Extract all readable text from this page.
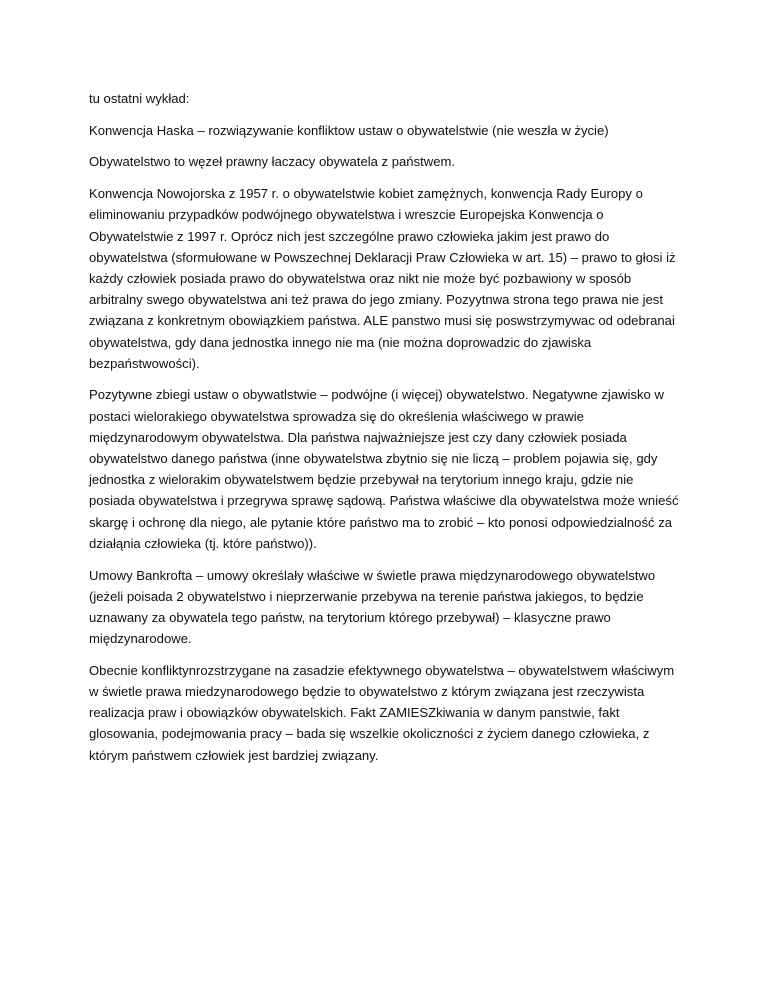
tu ostatni wykład:

Konwencja Haska – rozwiązywanie konfliktow ustaw o obywatelstwie (nie weszła w życie)

Obywatelstwo to węzeł prawny łaczacy obywatela z państwem.

Konwencja Nowojorska z 1957 r. o obywatelstwie kobiet zamężnych, konwencja Rady Europy o eliminowaniu przypadków podwójnego obywatelstwa i wreszcie Europejska Konwencja o Obywatelstwie z 1997 r. Oprócz nich jest szczególne prawo człowieka jakim jest prawo do obywatelstwa (sformułowane w Powszechnej Deklaracji Praw Człowieka w art. 15) – prawo to głosi iż każdy człowiek posiada prawo do obywatelstwa oraz nikt nie może być pozbawiony w sposób arbitralny swego obywatelstwa ani też prawa do jego zmiany. Pozyytnwa strona tego prawa nie jest związana z konkretnym obowiązkiem państwa. ALE panstwo musi się poswstrzymywac od odebranai obywatelstwa, gdy dana jednostka innego nie ma (nie można doprowadzic do zjawiska bezpaństwowości).

Pozytywne zbiegi ustaw o obywatlstwie – podwójne (i więcej) obywatelstwo. Negatywne zjawisko w postaci wielorakiego obywatelstwa sprowadza się do określenia właściwego w prawie międzynarodowym obywatelstwa. Dla państwa najważniejsze jest czy dany człowiek posiada obywatelstwo danego państwa (inne obywatelstwa zbytnio się nie liczą – problem pojawia się, gdy jednostka z wielorakim obywatelstwem będzie przebywał na terytorium innego kraju, gdzie nie posiada obywatelstwa i przegrywa sprawę sądową. Państwa właściwe dla obywatelstwa może wnieść skargę i ochronę dla niego, ale pytanie które państwo ma to zrobić – kto ponosi odpowiedzialność za działąnia człowieka (tj. które państwo)).

Umowy Bankrofta – umowy określały właściwe w świetle prawa międzynarodowego obywatelstwo (jeżeli poisada 2 obywatelstwo i nieprzerwanie przebywa na terenie państwa jakiegos, to będzie uznawany za obywatela tego państw, na terytorium którego przebywał) – klasyczne prawo międzynarodowe.

Obecnie konfliktynrozstrzygane na zasadzie efektywnego obywatelstwa – obywatelstwem właściwym w świetle prawa miedzynarodowego będzie to obywatelstwo z którym związana jest rzeczywista realizacja praw i obowiązków obywatelskich. Fakt ZAMIESZkiwania w danym panstwie, fakt glosowania, podejmowania pracy – bada się wszelkie okoliczności z życiem danego człowieka, z którym państwem człowiek jest bardziej związany.
